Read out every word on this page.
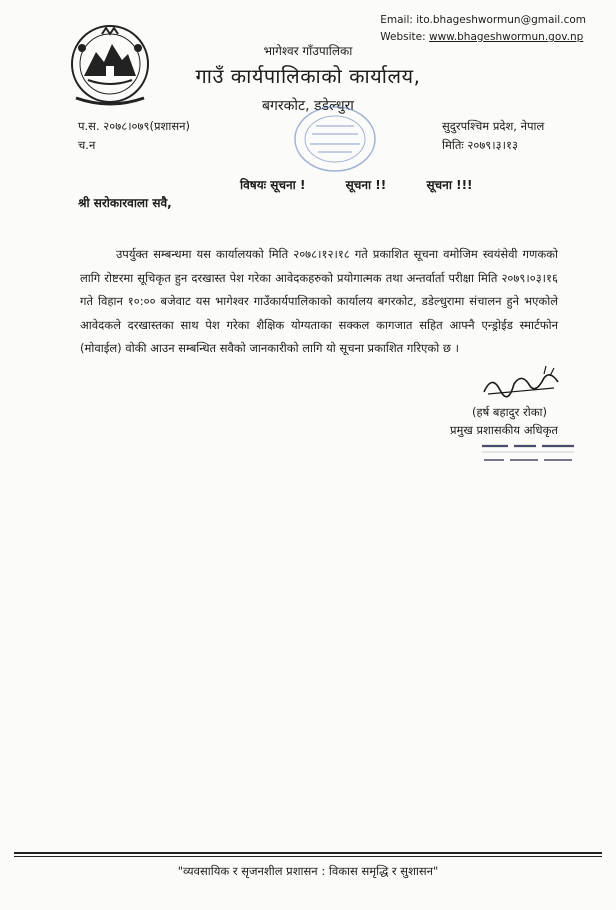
Email: ito.bhageshwormun@gmail.com
Website: www.bhageshwormun.gov.np
भागेश्वर गाँउपालिका
गाउँ कार्यपालिकाको कार्यालय,
बगरकोट, डडेल्धुरा
प.स. २०७८।०७९(प्रशासन)
च.न
सुदुरपश्चिम प्रदेश, नेपाल
मितिः २०७९।३।१३
विषयः सूचना !	सूचना !!	सूचना !!!
श्री सरोकारवाला सवै,
उपर्युक्त सम्बन्धमा यस कार्यालयको मिति २०७८।१२।१८ गते प्रकाशित सूचना वमोजिम स्वयंसेवी गणकको लागि रोष्टरमा सूचिकृत हुन दरखास्त पेश गरेका आवेदकहरुको प्रयोगात्मक तथा अन्तर्वार्ता परीक्षा मिति २०७९।०३।१६ गते विहान १०:०० बजेवाट यस भागेश्वर गाउँकार्यपालिकाको कार्यालय बगरकोट, डडेल्धुरामा संचालन हुने भएकोले आवेदकले दरखास्तका साथ पेश गरेका शैक्षिक योग्यताका सक्कल कागजात सहित आफ्नै एन्ड्रोईड स्मार्टफोन (मोवाईल) वोकी आउन सम्बन्धित सवैको जानकारीको लागि यो सूचना प्रकाशित गरिएको छ ।
(हर्ष बहादुर रोका)
प्रमुख प्रशासकीय अधिकृत
"व्यवसायिक र सृजनशील प्रशासन : विकास समृद्धि र सुशासन"
